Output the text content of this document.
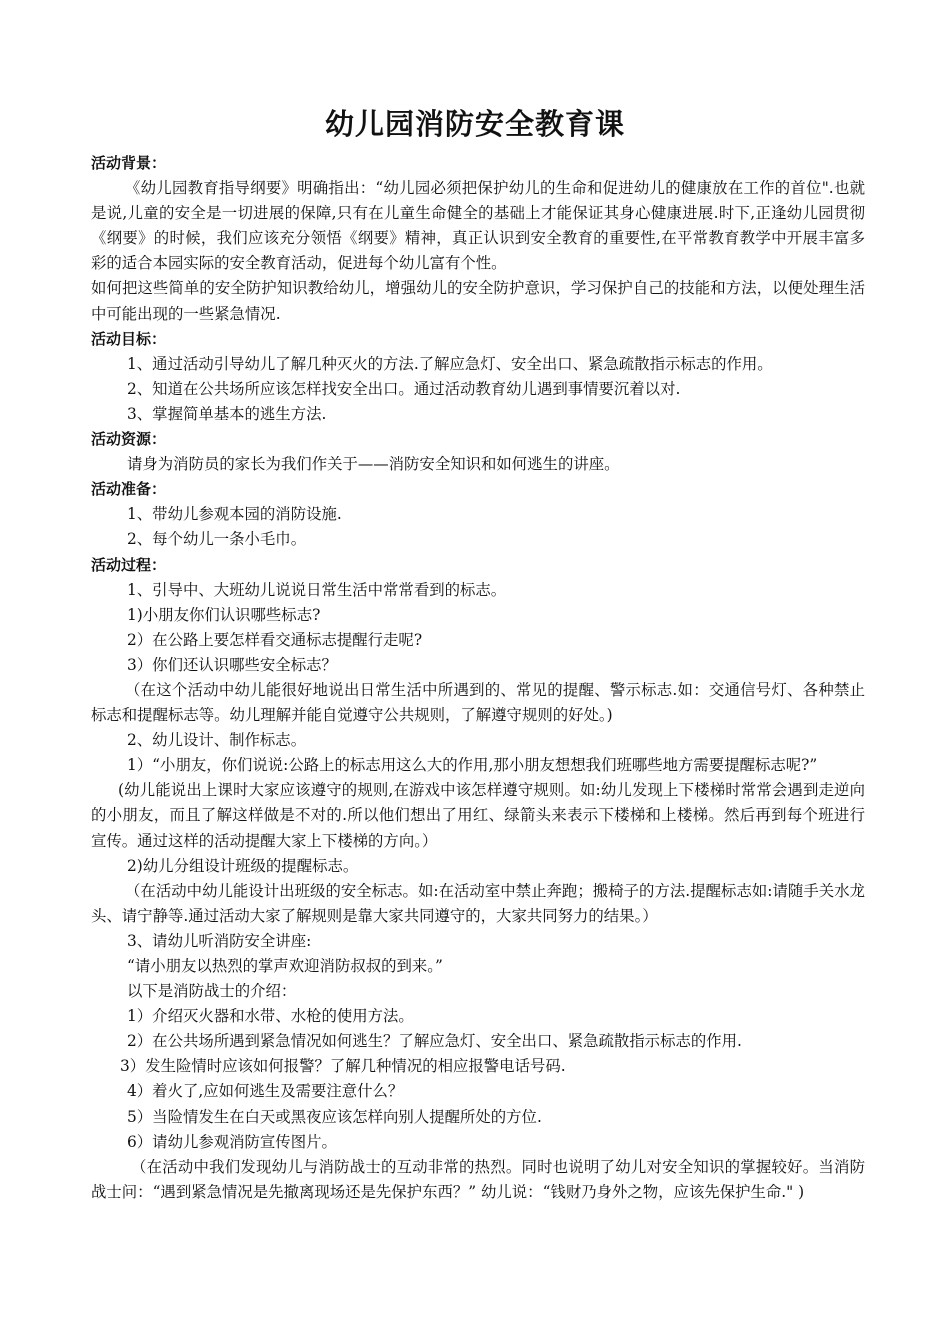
幼儿园消防安全教育课

活动背景：

《幼儿园教育指导纲要》明确指出：“幼儿园必须把保护幼儿的生命和促进幼儿的健康放在工作的首位".也就是说,儿童的安全是一切进展的保障,只有在儿童生命健全的基础上才能保证其身心健康进展.时下,正逢幼儿园贯彻《纲要》的时候，我们应该充分领悟《纲要》精神，真正认识到安全教育的重要性,在平常教育教学中开展丰富多彩的适合本园实际的安全教育活动，促进每个幼儿富有个性。

如何把这些简单的安全防护知识教给幼儿，增强幼儿的安全防护意识，学习保护自己的技能和方法，以便处理生活中可能出现的一些紧急情况.

活动目标：

1、通过活动引导幼儿了解几种灭火的方法.了解应急灯、安全出口、紧急疏散指示标志的作用。

2、知道在公共场所应该怎样找安全出口。通过活动教育幼儿遇到事情要沉着以对.

3、掌握简单基本的逃生方法.

活动资源：

请身为消防员的家长为我们作关于——消防安全知识和如何逃生的讲座。

活动准备：

1、带幼儿参观本园的消防设施.

2、每个幼儿一条小毛巾。

活动过程：

1、引导中、大班幼儿说说日常生活中常常看到的标志。

1)小朋友你们认识哪些标志?

2）在公路上要怎样看交通标志提醒行走呢?

3）你们还认识哪些安全标志？

（在这个活动中幼儿能很好地说出日常生活中所遇到的、常见的提醒、警示标志.如：交通信号灯、各种禁止标志和提醒标志等。幼儿理解并能自觉遵守公共规则，了解遵守规则的好处。)

2、幼儿设计、制作标志。

1）“小朋友，你们说说:公路上的标志用这么大的作用,那小朋友想想我们班哪些地方需要提醒标志呢?”

(幼儿能说出上课时大家应该遵守的规则,在游戏中该怎样遵守规则。如:幼儿发现上下楼梯时常常会遇到走逆向的小朋友，而且了解这样做是不对的.所以他们想出了用红、绿箭头来表示下楼梯和上楼梯。然后再到每个班进行宣传。通过这样的活动提醒大家上下楼梯的方向。）

2)幼儿分组设计班级的提醒标志。

（在活动中幼儿能设计出班级的安全标志。如:在活动室中禁止奔跑；搬椅子的方法.提醒标志如:请随手关水龙头、请宁静等.通过活动大家了解规则是靠大家共同遵守的，大家共同努力的结果。）

3、请幼儿听消防安全讲座:

“请小朋友以热烈的掌声欢迎消防叔叔的到来。”

以下是消防战士的介绍：

1）介绍灭火器和水带、水枪的使用方法。

2）在公共场所遇到紧急情况如何逃生？了解应急灯、安全出口、紧急疏散指示标志的作用.

3）发生险情时应该如何报警？了解几种情况的相应报警电话号码.

4）着火了,应如何逃生及需要注意什么？

5）当险情发生在白天或黑夜应该怎样向别人提醒所处的方位.

6）请幼儿参观消防宣传图片。

（在活动中我们发现幼儿与消防战士的互动非常的热烈。同时也说明了幼儿对安全知识的掌握较好。当消防战士问：“遇到紧急情况是先撤离现场还是先保护东西？” 幼儿说：“钱财乃身外之物，应该先保护生命." )
